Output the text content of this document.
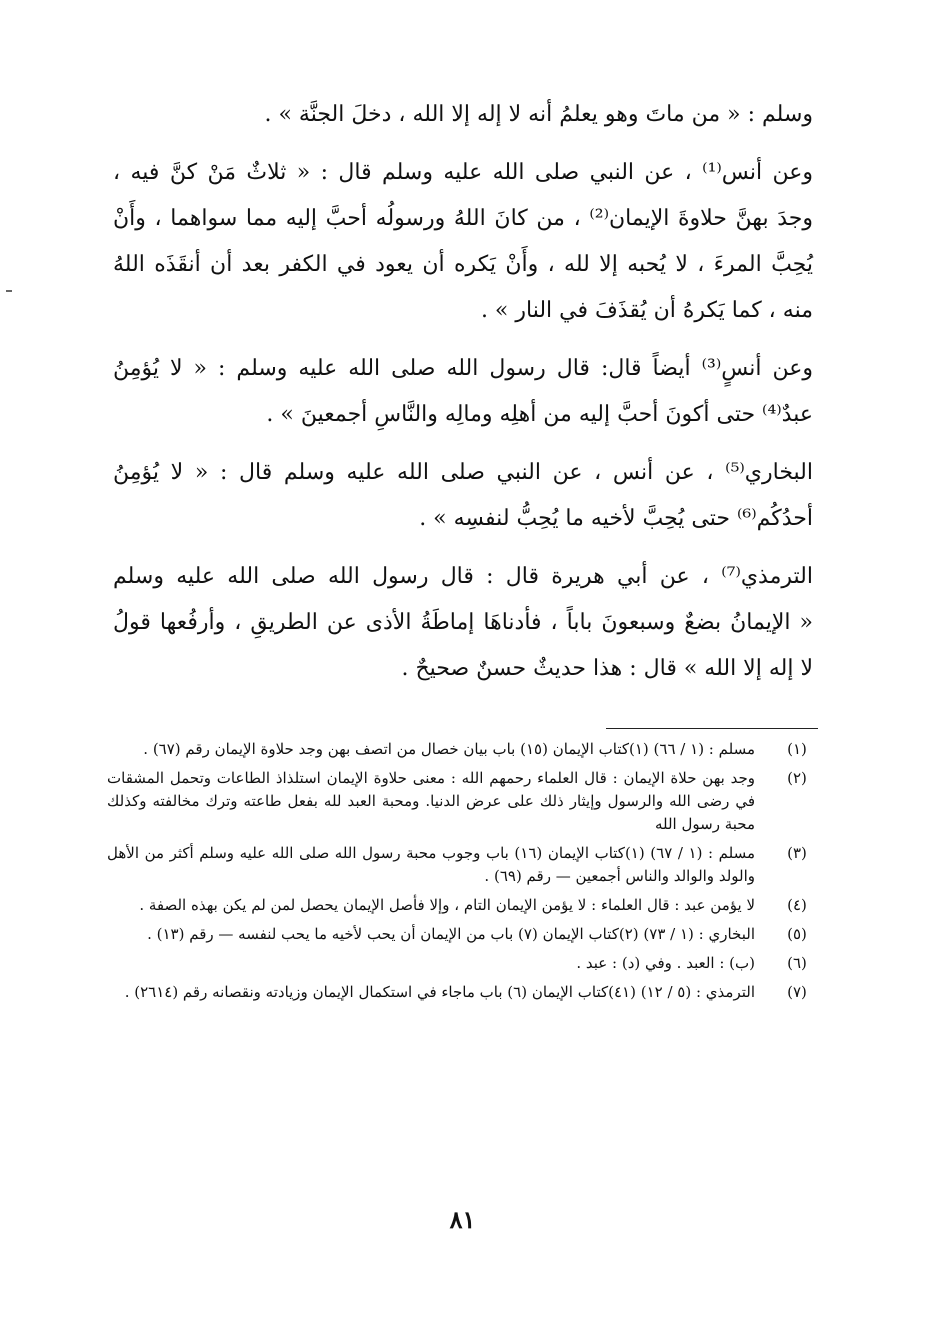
وسلم : « من ماتَ وهو يعلمُ أنه لا إله إلا الله ، دخلَ الجنَّة » .

وعن أنس⁽¹⁾ ، عن النبي صلى الله عليه وسلم قال : « ثلاثٌ مَنْ كنَّ فيه ،
وجدَ بهنَّ حلاوةَ الإيمان⁽²⁾ ، من كانَ اللهُ ورسولُه أحبَّ إليه مما سواهما ، وأَنْ
يُحِبَّ المرءَ ، لا يُحبه إلا لله ، وأَنْ يَكره أن يعود في الكفر بعد أن أنقَذَه اللهُ
منه ، كما يَكرهُ أن يُقذَفَ في النار » .

وعن أنسٍ⁽³⁾ أيضاً قال: قال رسول الله صلى الله عليه وسلم : « لا يُؤمِنُ
عبدٌ⁽⁴⁾ حتى أكونَ أحبَّ إليه من أهلِه ومالِه والنَّاسِ أجمعينَ » .

البخاري⁽⁵⁾ ، عن أنس ، عن النبي صلى الله عليه وسلم قال : « لا يُؤمِنُ
أحدُكُم⁽⁶⁾ حتى يُحِبَّ لأخيه ما يُحِبُّ لنفسِه » .

الترمذي⁽⁷⁾ ، عن أبي هريرة قال : قال رسول الله صلى الله عليه وسلم
« الإيمانُ بضعٌ وسبعونَ باباً ، فأدناهَا إماطَةُ الأذى عن الطريقِ ، وأرفُعها قولُ
لا إله إلا الله » قال : هذا حديثٌ حسنٌ صحيحٌ .

(١)
مسلم : (١ / ٦٦) (١)كتاب الإيمان (١٥) باب بيان خصال من اتصف بهن وجد حلاوة الإيمان رقم (٦٧) .
(٢)
وجد بهن حلاة الإيمان : قال العلماء رحمهم الله : معنى حلاوة الإيمان استلذاذ الطاعات وتحمل المشقات في رضى الله والرسول وإيثار ذلك على عرض الدنيا. ومحبة العبد لله بفعل طاعته وترك مخالفته وكذلك محبة رسول الله
(٣)
مسلم : (١ / ٦٧) (١)كتاب الإيمان (١٦) باب وجوب محبة رسول الله صلى الله عليه وسلم أكثر من الأهل والولد والوالد والناس أجمعين — رقم (٦٩) .
(٤)
لا يؤمن عبد : قال العلماء : لا يؤمن الإيمان التام ، وإلا فأصل الإيمان يحصل لمن لم يكن بهذه الصفة .
(٥)
البخاري : (١ / ٧٣) (٢)كتاب الإيمان (٧) باب من الإيمان أن يحب لأخيه ما يحب لنفسه — رقم (١٣) .
(٦)
(ب) : العبد . وفي (د) : عبد .
(٧)
الترمذي : (٥ / ١٢) (٤١)كتاب الإيمان (٦) باب ماجاء في استكمال الإيمان وزيادته ونقصانه رقم (٢٦١٤) .
٨١
